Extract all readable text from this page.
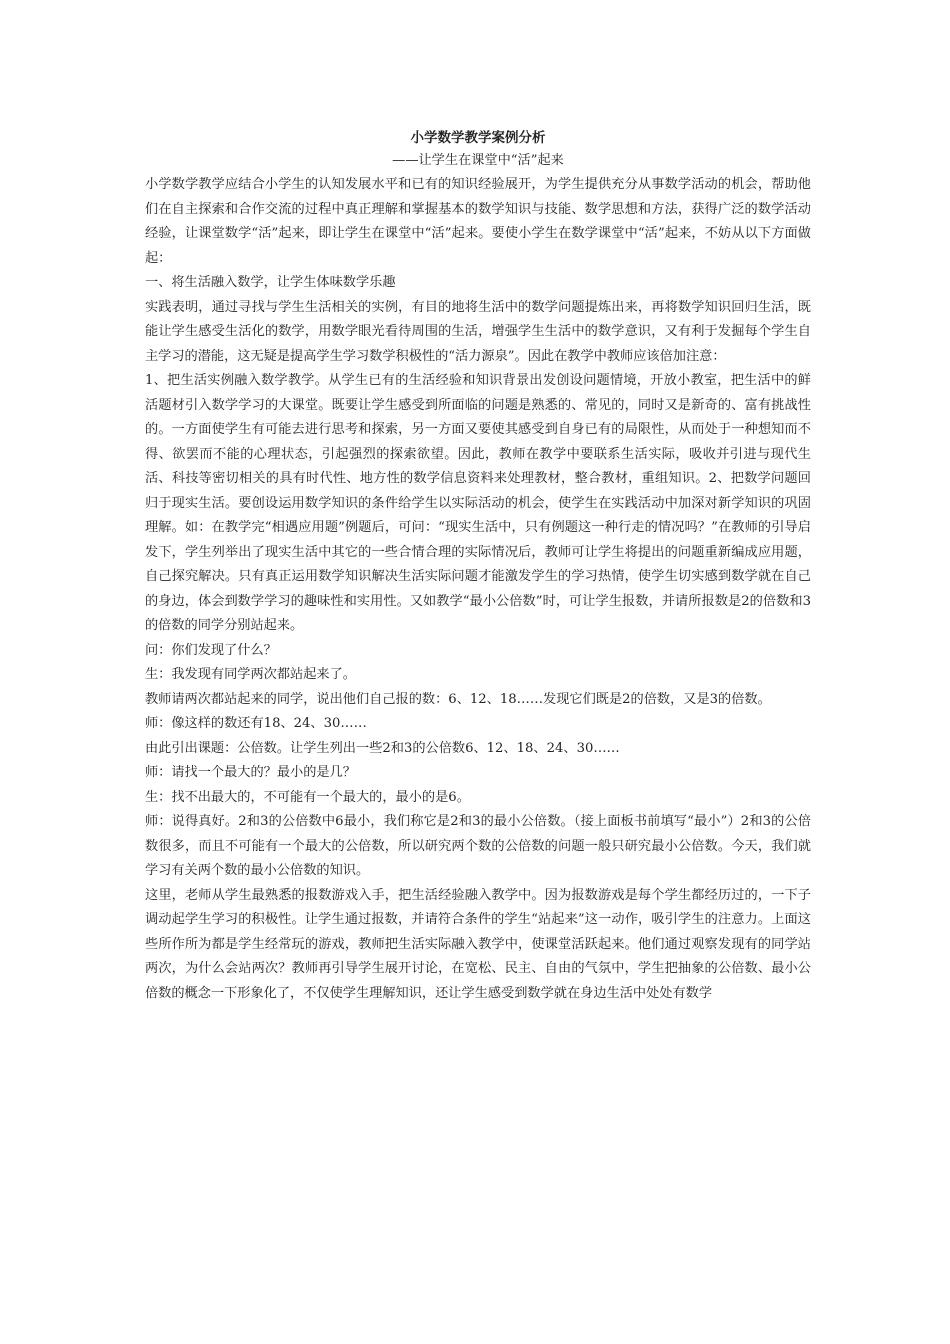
小学数学教学案例分析
——让学生在课堂中“活”起来

小学数学教学应结合小学生的认知发展水平和已有的知识经验展开，为学生提供充分从事数学活动的机会，帮助他们在自主探索和合作交流的过程中真正理解和掌握基本的数学知识与技能、数学思想和方法，获得广泛的数学活动经验，让课堂数学“活”起来，即让学生在课堂中“活”起来。要使小学生在数学课堂中“活”起来，不妨从以下方面做起：

一、将生活融入数学，让学生体味数学乐趣

实践表明，通过寻找与学生生活相关的实例，有目的地将生活中的数学问题提炼出来，再将数学知识回归生活，既能让学生感受生活化的数学，用数学眼光看待周围的生活，增强学生生活中的数学意识，又有利于发掘每个学生自主学习的潜能，这无疑是提高学生学习数学积极性的“活力源泉”。因此在教学中教师应该倍加注意：

1、把生活实例融入数学教学。从学生已有的生活经验和知识背景出发创设问题情境，开放小教室，把生活中的鲜活题材引入数学学习的大课堂。既要让学生感受到所面临的问题是熟悉的、常见的，同时又是新奇的、富有挑战性的。一方面使学生有可能去进行思考和探索，另一方面又要使其感受到自身已有的局限性，从而处于一种想知而不得、欲罢而不能的心理状态，引起强烈的探索欲望。因此，教师在教学中要联系生活实际，吸收并引进与现代生活、科技等密切相关的具有时代性、地方性的数学信息资料来处理教材，整合教材，重组知识。2、把数学问题回归于现实生活。要创设运用数学知识的条件给学生以实际活动的机会，使学生在实践活动中加深对新学知识的巩固理解。如：在教学完“相遇应用题”例题后，可问：“现实生活中，只有例题这一种行走的情况吗？”在教师的引导启发下，学生列举出了现实生活中其它的一些合情合理的实际情况后，教师可让学生将提出的问题重新编成应用题，自己探究解决。只有真正运用数学知识解决生活实际问题才能激发学生的学习热情，使学生切实感到数学就在自己的身边，体会到数学学习的趣味性和实用性。又如教学“最小公倍数”时，可让学生报数，并请所报数是2的倍数和3的倍数的同学分别站起来。

问：你们发现了什么？

生：我发现有同学两次都站起来了。

教师请两次都站起来的同学，说出他们自己报的数：6、12、18……发现它们既是2的倍数，又是3的倍数。

师：像这样的数还有18、24、30……

由此引出课题：公倍数。让学生列出一些2和3的公倍数6、12、18、24、30……

师：请找一个最大的？最小的是几？

生：找不出最大的，不可能有一个最大的，最小的是6。

师：说得真好。2和3的公倍数中6最小，我们称它是2和3的最小公倍数。（接上面板书前填写“最小”）2和3的公倍数很多，而且不可能有一个最大的公倍数，所以研究两个数的公倍数的问题一般只研究最小公倍数。今天，我们就学习有关两个数的最小公倍数的知识。

这里，老师从学生最熟悉的报数游戏入手，把生活经验融入教学中。因为报数游戏是每个学生都经历过的，一下子调动起学生学习的积极性。让学生通过报数，并请符合条件的学生“站起来”这一动作，吸引学生的注意力。上面这些所作所为都是学生经常玩的游戏，教师把生活实际融入教学中，使课堂活跃起来。他们通过观察发现有的同学站两次，为什么会站两次？教师再引导学生展开讨论，在宽松、民主、自由的气氛中，学生把抽象的公倍数、最小公倍数的概念一下形象化了，不仅使学生理解知识，还让学生感受到数学就在身边生活中处处有数学
